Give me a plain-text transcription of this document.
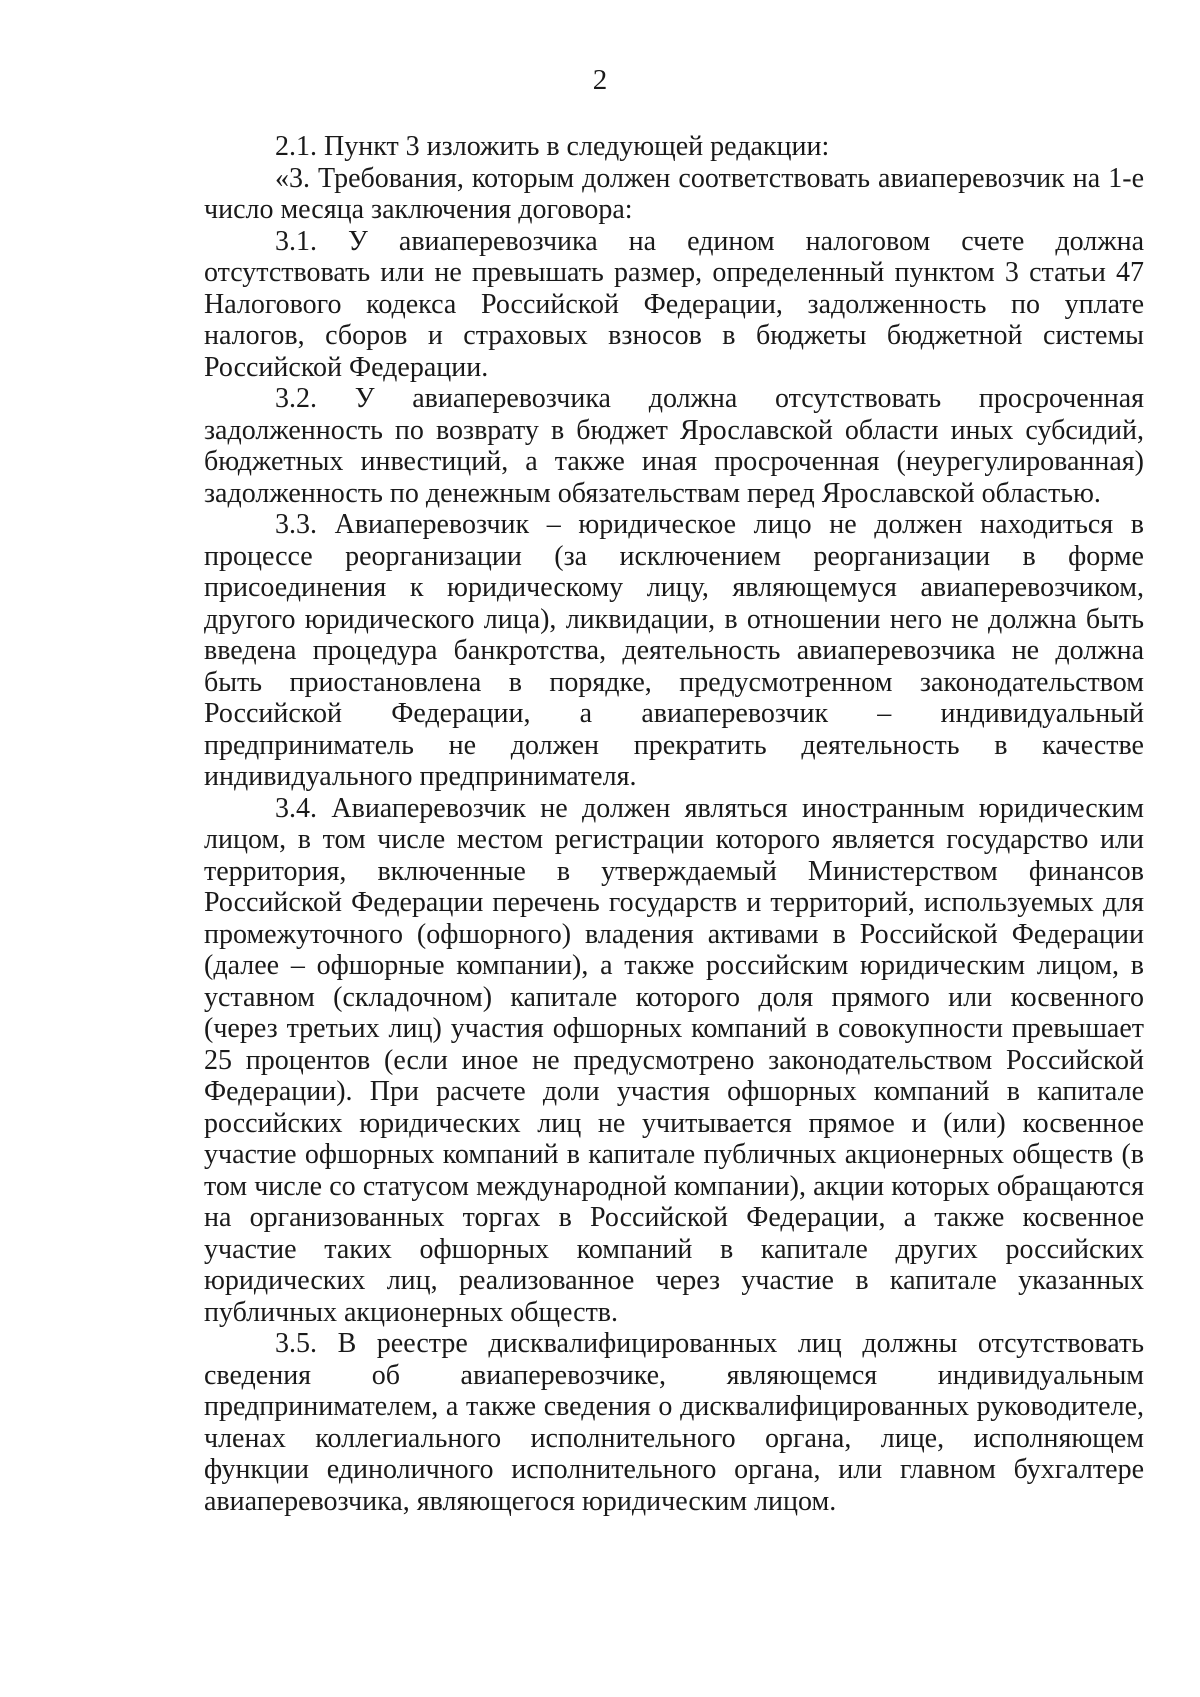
2

2.1. Пункт 3 изложить в следующей редакции:

«3. Требования, которым должен соответствовать авиаперевозчик на 1-е число месяца заключения договора:

3.1. У авиаперевозчика на едином налоговом счете должна отсутствовать или не превышать размер, определенный пунктом 3 статьи 47 Налогового кодекса Российской Федерации, задолженность по уплате налогов, сборов и страховых взносов в бюджеты бюджетной системы Российской Федерации.

3.2. У авиаперевозчика должна отсутствовать просроченная задолженность по возврату в бюджет Ярославской области иных субсидий, бюджетных инвестиций, а также иная просроченная (неурегулированная) задолженность по денежным обязательствам перед Ярославской областью.

3.3. Авиаперевозчик – юридическое лицо не должен находиться в процессе реорганизации (за исключением реорганизации в форме присоединения к юридическому лицу, являющемуся авиаперевозчиком, другого юридического лица), ликвидации, в отношении него не должна быть введена процедура банкротства, деятельность авиаперевозчика не должна быть приостановлена в порядке, предусмотренном законодательством Российской Федерации, а авиаперевозчик – индивидуальный предприниматель не должен прекратить деятельность в качестве индивидуального предпринимателя.

3.4. Авиаперевозчик не должен являться иностранным юридическим лицом, в том числе местом регистрации которого является государство или территория, включенные в утверждаемый Министерством финансов Российской Федерации перечень государств и территорий, используемых для промежуточного (офшорного) владения активами в Российской Федерации (далее – офшорные компании), а также российским юридическим лицом, в уставном (складочном) капитале которого доля прямого или косвенного (через третьих лиц) участия офшорных компаний в совокупности превышает 25 процентов (если иное не предусмотрено законодательством Российской Федерации). При расчете доли участия офшорных компаний в капитале российских юридических лиц не учитывается прямое и (или) косвенное участие офшорных компаний в капитале публичных акционерных обществ (в том числе со статусом международной компании), акции которых обращаются на организованных торгах в Российской Федерации, а также косвенное участие таких офшорных компаний в капитале других российских юридических лиц, реализованное через участие в капитале указанных публичных акционерных обществ.

3.5. В реестре дисквалифицированных лиц должны отсутствовать сведения об авиаперевозчике, являющемся индивидуальным предпринимателем, а также сведения о дисквалифицированных руководителе, членах коллегиального исполнительного органа, лице, исполняющем функции единоличного исполнительного органа, или главном бухгалтере авиаперевозчика, являющегося юридическим лицом.
